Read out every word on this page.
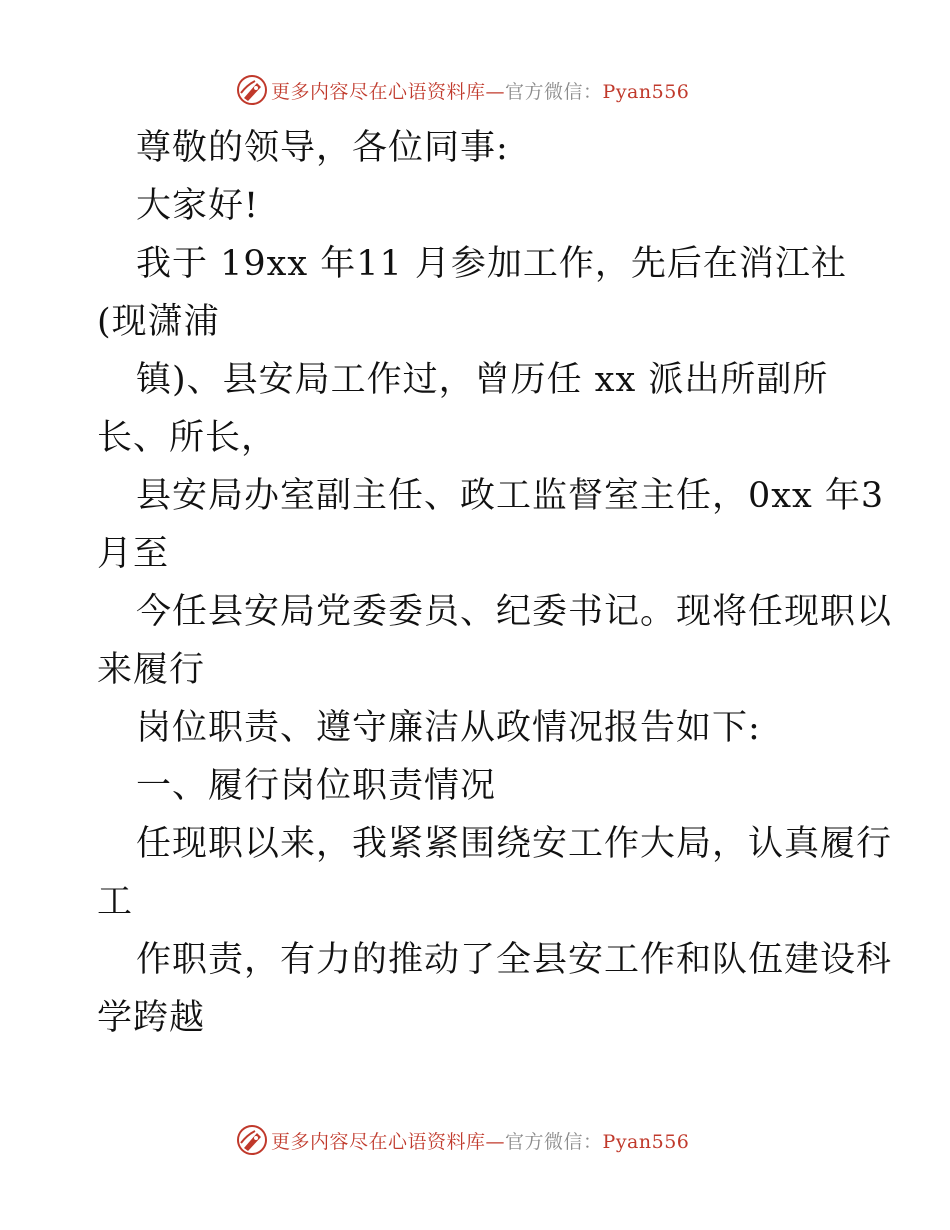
更多内容尽在心语资料库—官方微信：Pyan556
尊敬的领导，各位同事:
大家好!
我于 19xx 年11 月参加工作，先后在消江社
(现潇浦
镇)、县安局工作过，曾历任 xx 派出所副所
长、所长，
县安局办室副主任、政工监督室主任，0xx 年3
月至
今任县安局党委委员、纪委书记。现将任现职以
来履行
岗位职责、遵守廉洁从政情况报告如下:
一、履行岗位职责情况
任现职以来，我紧紧围绕安工作大局，认真履行
工
作职责，有力的推动了全县安工作和队伍建设科
学跨越
更多内容尽在心语资料库—官方微信：Pyan556
